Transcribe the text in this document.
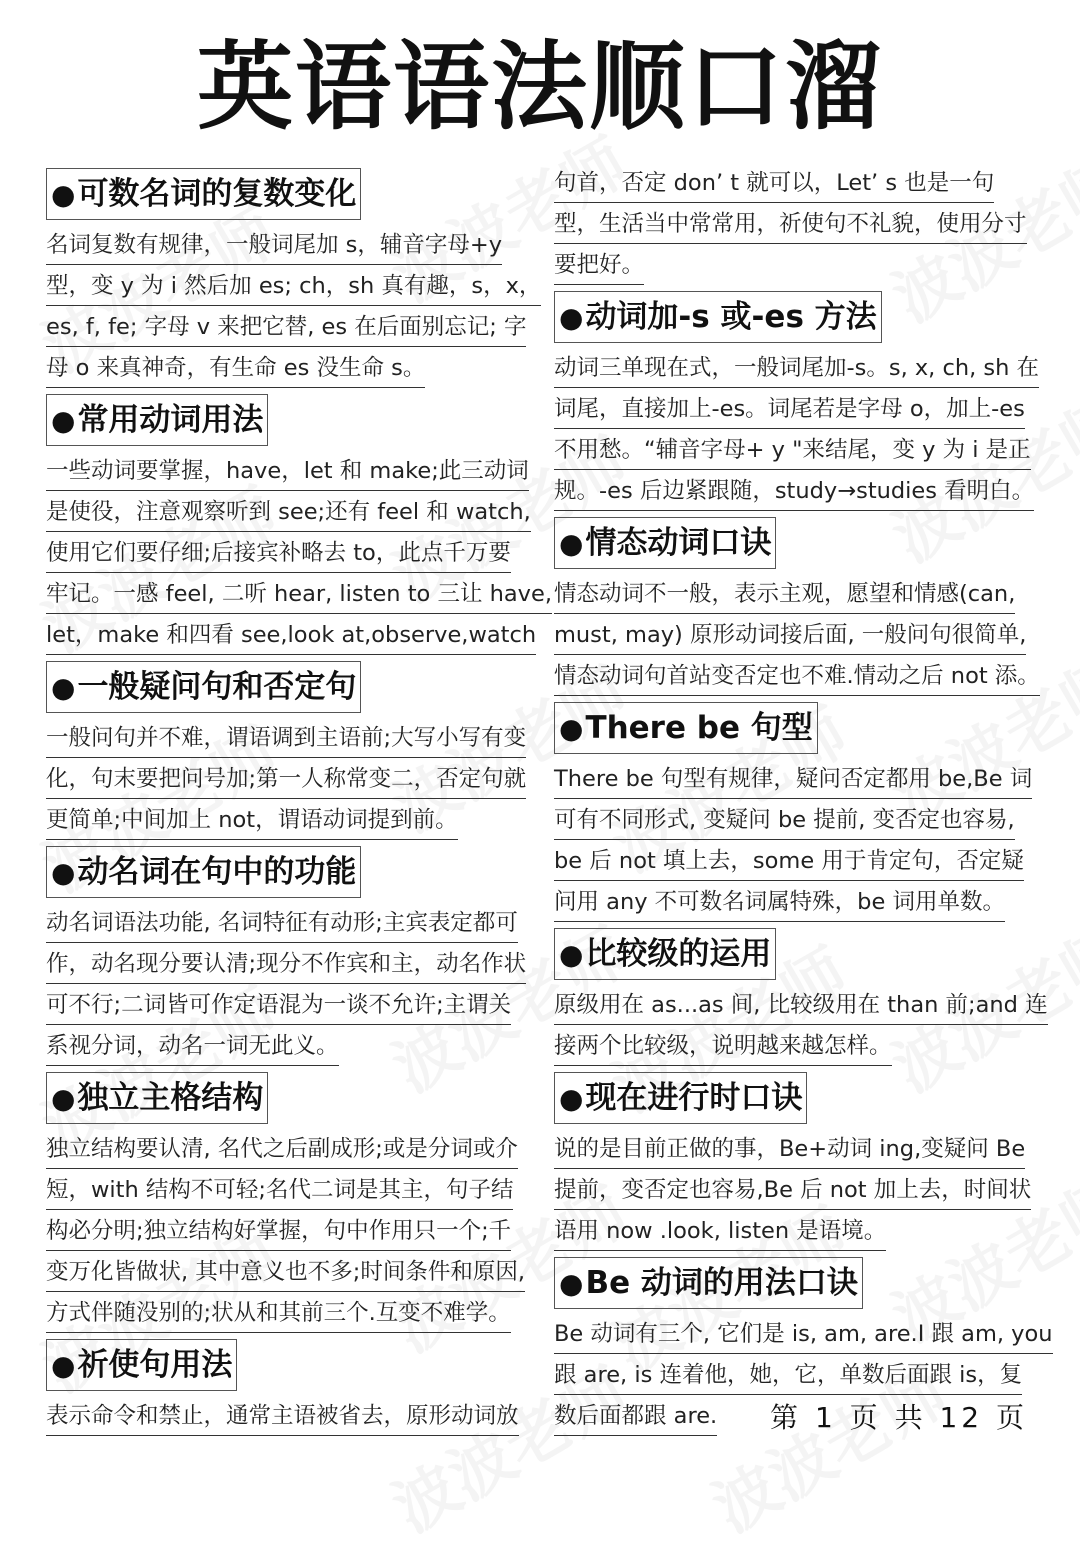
英语语法顺口溜
●可数名词的复数变化
名词复数有规律，一般词尾加 s，辅音字母+y
型，变 y 为 i 然后加 es; ch，sh 真有趣，s，x，
es, f, fe; 字母 v 来把它替, es 在后面别忘记; 字
母 o 来真神奇，有生命 es 没生命 s。
●常用动词用法
一些动词要掌握，have，let 和 make;此三动词
是使役，注意观察听到 see;还有 feel 和 watch,
使用它们要仔细;后接宾补略去 to，此点千万要
牢记。一感 feel, 二听 hear, listen to 三让 have,
let，make 和四看 see,look at,observe,watch
●一般疑问句和否定句
一般问句并不难，谓语调到主语前;大写小写有变
化，句末要把问号加;第一人称常变二，否定句就
更简单;中间加上 not，谓语动词提到前。
●动名词在句中的功能
动名词语法功能, 名词特征有动形;主宾表定都可
作，动名现分要认清;现分不作宾和主，动名作状
可不行;二词皆可作定语混为一谈不允许;主谓关
系视分词，动名一词无此义。
●独立主格结构
独立结构要认清, 名代之后副成形;或是分词或介
短，with 结构不可轻;名代二词是其主，句子结
构必分明;独立结构好掌握，句中作用只一个;千
变万化皆做状, 其中意义也不多;时间条件和原因,
方式伴随没别的;状从和其前三个.互变不难学。
●祈使句用法
表示命令和禁止，通常主语被省去，原形动词放
句首，否定 don’ t 就可以，Let’ s 也是一句
型，生活当中常常用，祈使句不礼貌，使用分寸
要把好。
●动词加-s 或-es 方法
动词三单现在式，一般词尾加-s。s, x, ch, sh 在
词尾，直接加上-es。词尾若是字母 o，加上-es
不用愁。“辅音字母+ y "来结尾，变 y 为 i 是正
规。-es 后边紧跟随，study→studies 看明白。
●情态动词口诀
情态动词不一般，表示主观，愿望和情感(can,
must, may) 原形动词接后面, 一般问句很简单,
情态动词句首站变否定也不难.情动之后 not 添。
●There be 句型
There be 句型有规律，疑问否定都用 be,Be 词
可有不同形式, 变疑问 be 提前, 变否定也容易,
be 后 not 填上去，some 用于肯定句，否定疑
问用 any 不可数名词属特殊，be 词用单数。
●比较级的运用
原级用在 as...as 间, 比较级用在 than 前;and 连
接两个比较级，说明越来越怎样。
●现在进行时口诀
说的是目前正做的事，Be+动词 ing,变疑问 Be
提前，变否定也容易,Be 后 not 加上去，时间状
语用 now .look, listen 是语境。
●Be 动词的用法口诀
Be 动词有三个, 它们是 is, am, are.I 跟 am, you
跟 are, is 连着他，她，它，单数后面跟 is，复
数后面都跟 are. 第 1 页 共 12 页
